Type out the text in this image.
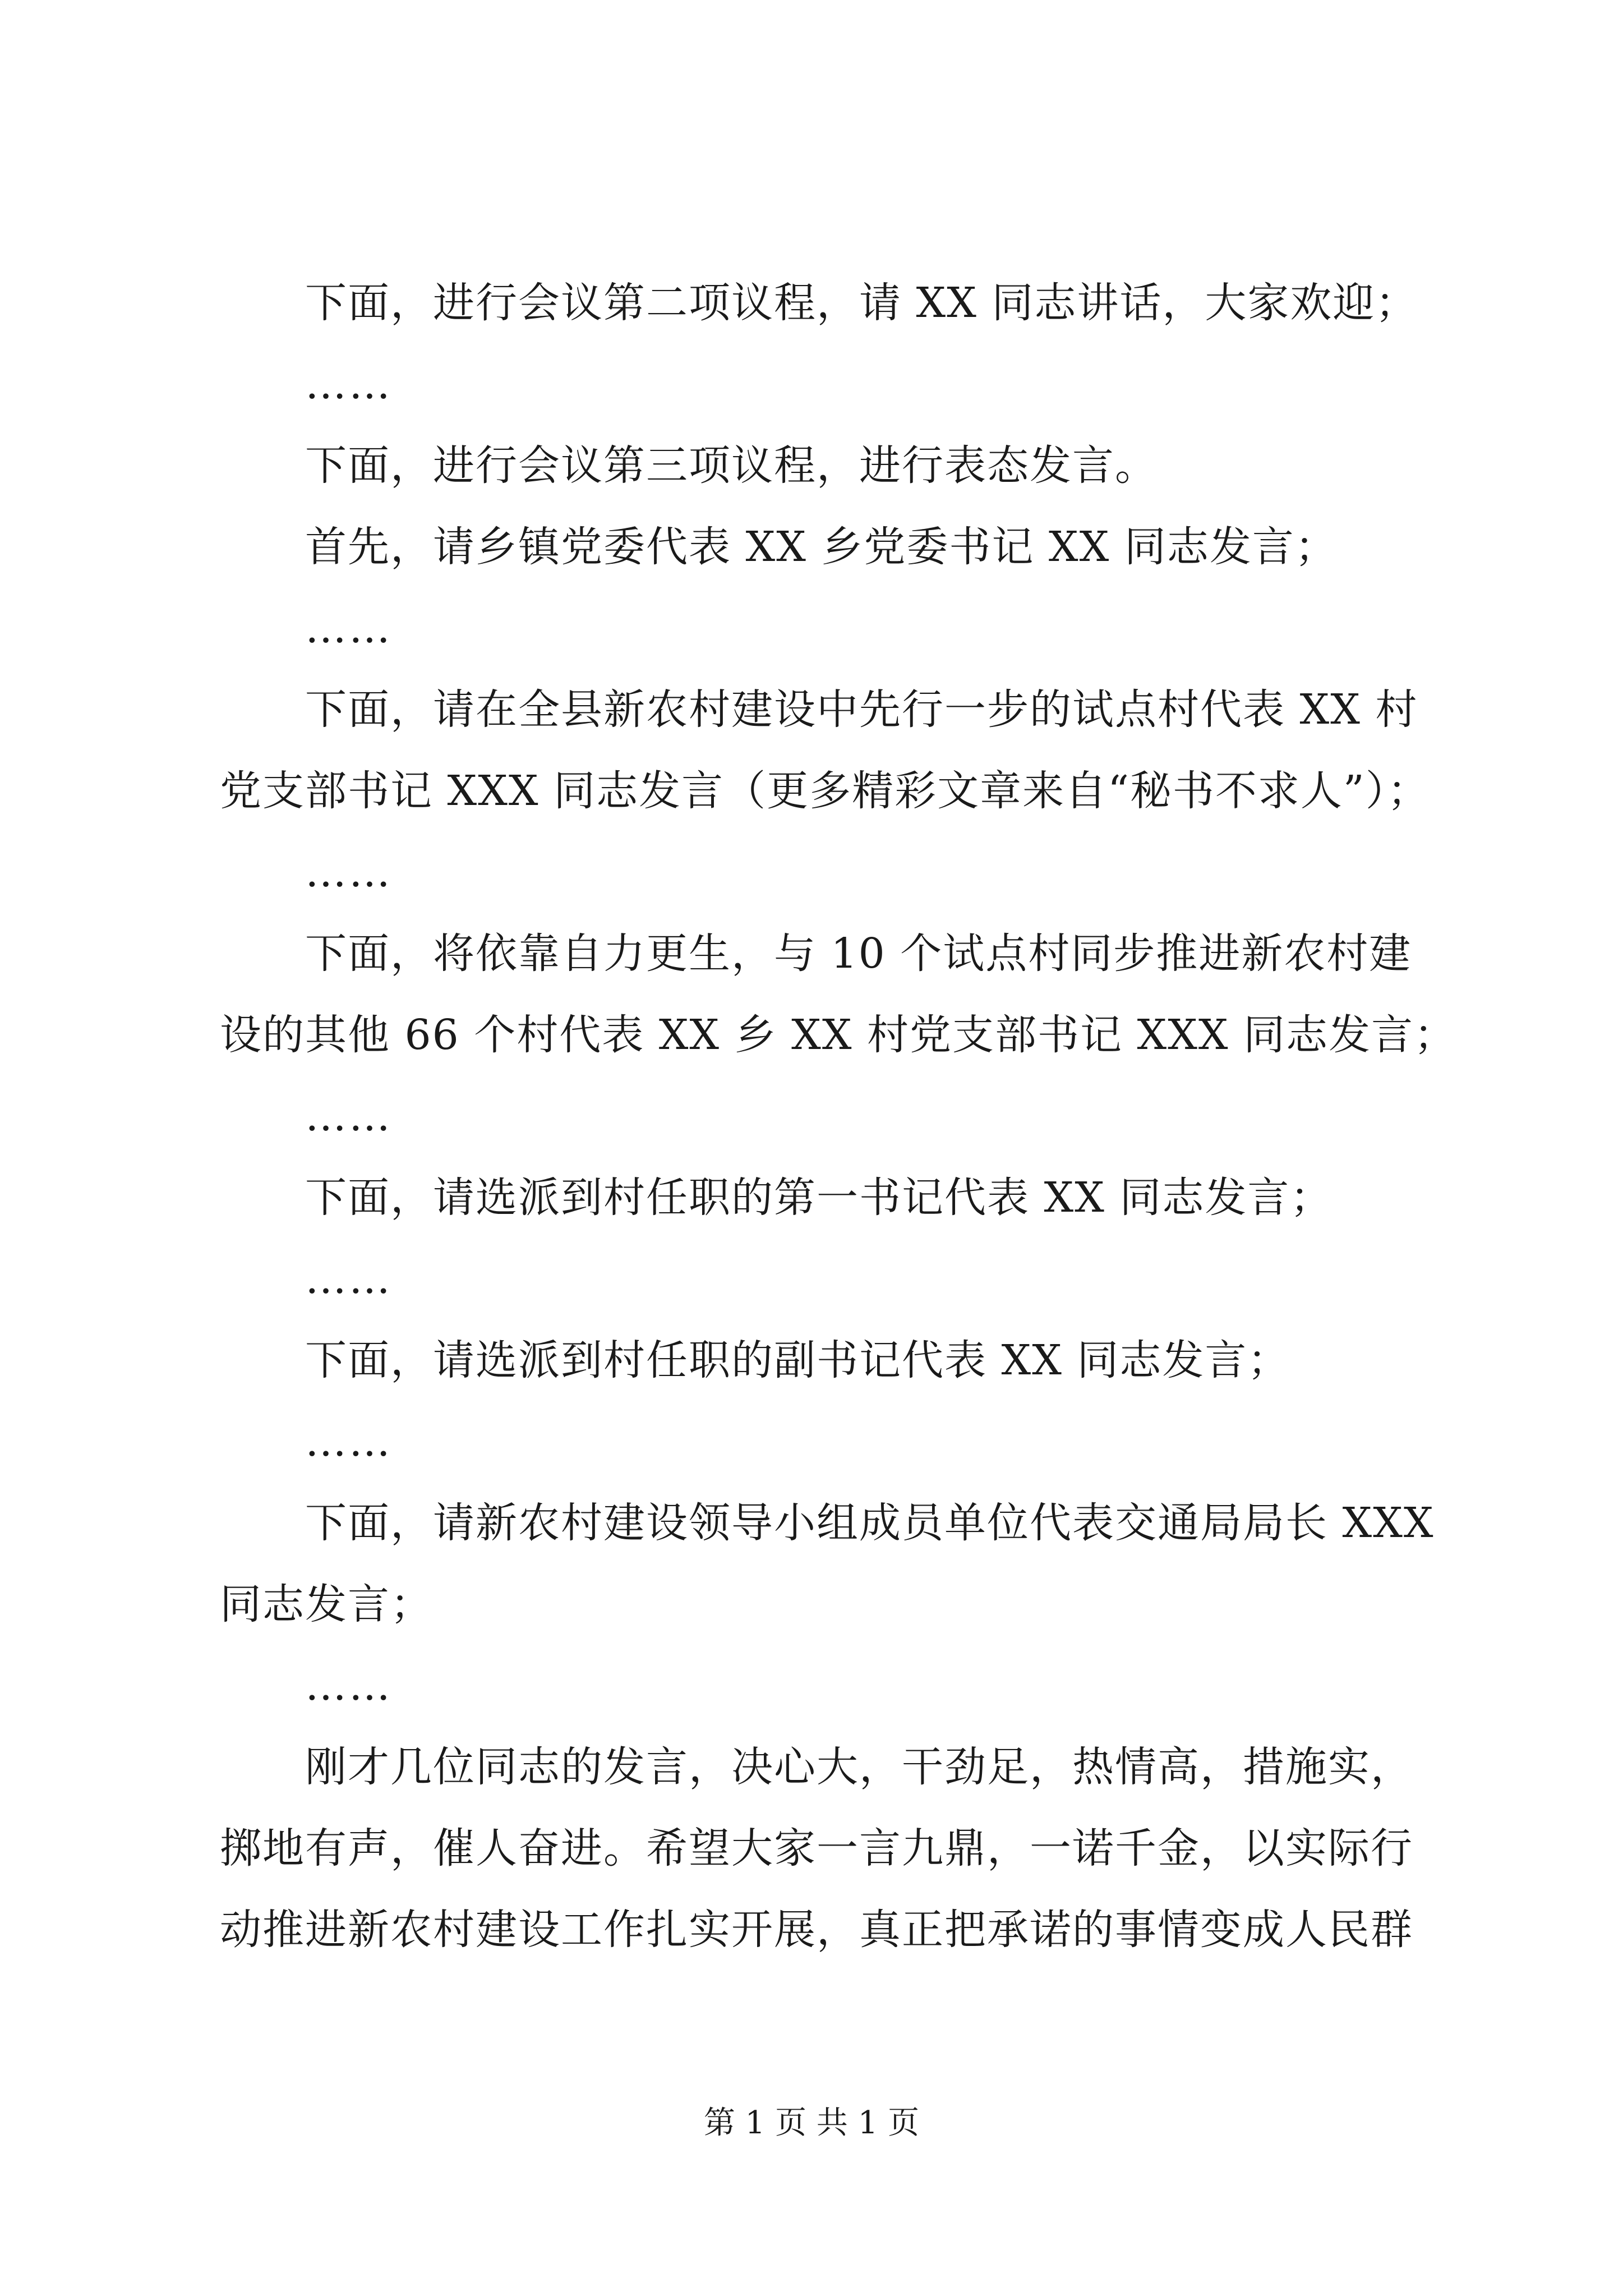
下面，进行会议第二项议程，请 XX 同志讲话，大家欢迎；
……
下面，进行会议第三项议程，进行表态发言。
首先，请乡镇党委代表 XX 乡党委书记 XX 同志发言；
……
下面，请在全县新农村建设中先行一步的试点村代表 XX 村
党支部书记 XXX 同志发言（更多精彩文章来自“秘书不求人”）；
……
下面，将依靠自力更生，与 10 个试点村同步推进新农村建
设的其他 66 个村代表 XX 乡 XX 村党支部书记 XXX 同志发言；
……
下面，请选派到村任职的第一书记代表 XX 同志发言；
……
下面，请选派到村任职的副书记代表 XX 同志发言；
……
下面，请新农村建设领导小组成员单位代表交通局局长 XXX
同志发言；
……
刚才几位同志的发言，决心大，干劲足，热情高，措施实，
掷地有声，催人奋进。希望大家一言九鼎，一诺千金，以实际行
动推进新农村建设工作扎实开展，真正把承诺的事情变成人民群
第 1 页 共 1 页
